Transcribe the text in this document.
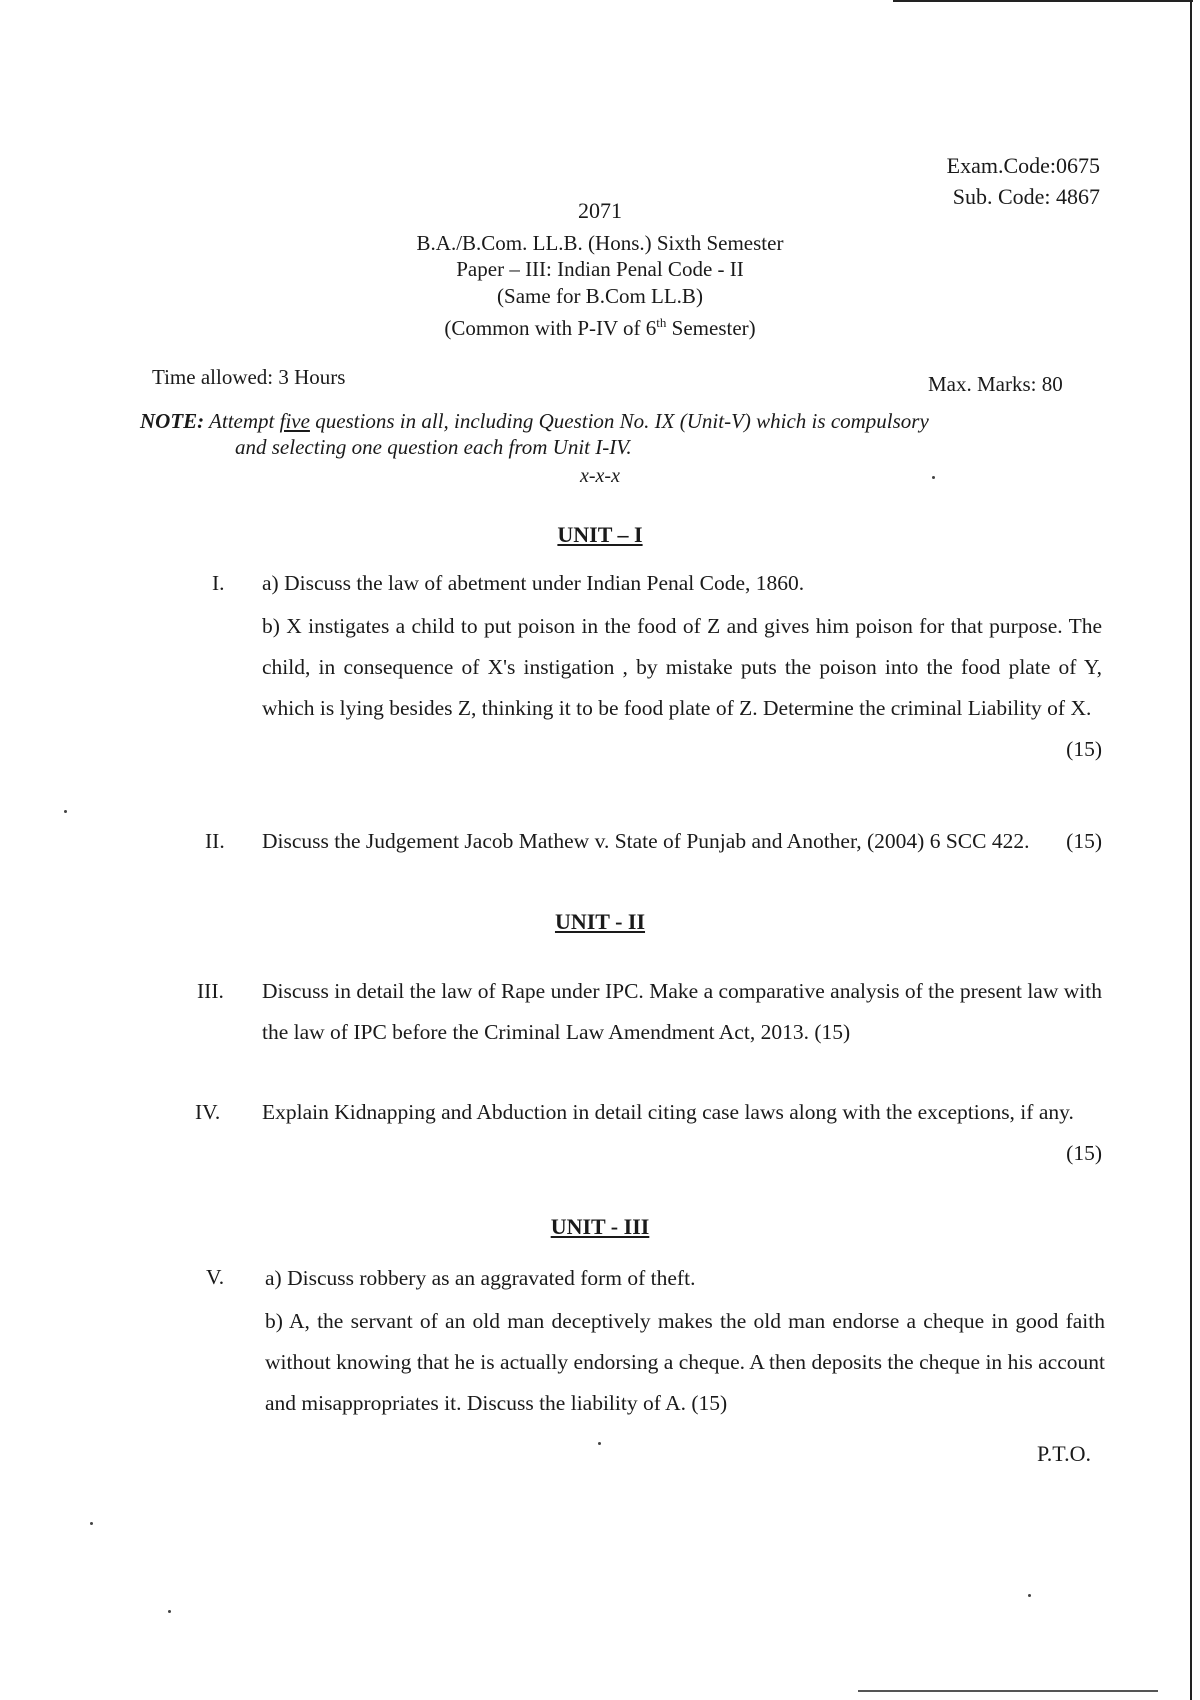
Exam.Code:0675
Sub. Code: 4867
2071
B.A./B.Com. LL.B. (Hons.) Sixth Semester
Paper – III: Indian Penal Code - II
(Same for B.Com LL.B)
(Common with P-IV of 6th Semester)
Time allowed: 3 Hours	Max. Marks: 80
NOTE: Attempt five questions in all, including Question No. IX (Unit-V) which is compulsory
and selecting one question each from Unit I-IV.
x-x-x
UNIT – I
I. a) Discuss the law of abetment under Indian Penal Code, 1860.
b) X instigates a child to put poison in the food of Z and gives him poison for that purpose. The child, in consequence of X's instigation , by mistake puts the poison into the food plate of Y, which is lying besides Z, thinking it to be food plate of Z. Determine the criminal Liability of X.
(15)
II. Discuss the Judgement Jacob Mathew v. State of Punjab and Another, (2004) 6 SCC 422. (15)
UNIT - II
III. Discuss in detail the law of Rape under IPC. Make a comparative analysis of the present law with the law of IPC before the Criminal Law Amendment Act, 2013. (15)
IV. Explain Kidnapping and Abduction in detail citing case laws along with the exceptions, if any.
(15)
UNIT - III
V. a) Discuss robbery as an aggravated form of theft.
b) A, the servant of an old man deceptively makes the old man endorse a cheque in good faith without knowing that he is actually endorsing a cheque. A then deposits the cheque in his account and misappropriates it. Discuss the liability of A. (15)
P.T.O.
